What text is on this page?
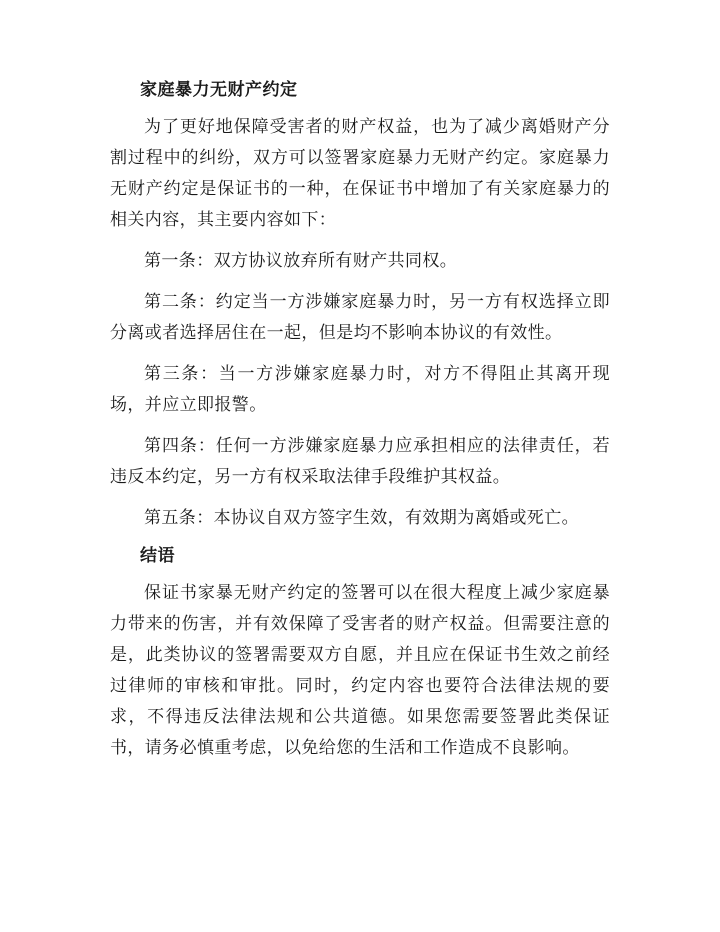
家庭暴力无财产约定

为了更好地保障受害者的财产权益，也为了减少离婚财产分割过程中的纠纷，双方可以签署家庭暴力无财产约定。家庭暴力无财产约定是保证书的一种，在保证书中增加了有关家庭暴力的相关内容，其主要内容如下：

第一条：双方协议放弃所有财产共同权。

第二条：约定当一方涉嫌家庭暴力时，另一方有权选择立即分离或者选择居住在一起，但是均不影响本协议的有效性。

第三条：当一方涉嫌家庭暴力时，对方不得阻止其离开现场，并应立即报警。

第四条：任何一方涉嫌家庭暴力应承担相应的法律责任，若违反本约定，另一方有权采取法律手段维护其权益。

第五条：本协议自双方签字生效，有效期为离婚或死亡。

结语

保证书家暴无财产约定的签署可以在很大程度上减少家庭暴力带来的伤害，并有效保障了受害者的财产权益。但需要注意的是，此类协议的签署需要双方自愿，并且应在保证书生效之前经过律师的审核和审批。同时，约定内容也要符合法律法规的要求，不得违反法律法规和公共道德。如果您需要签署此类保证书，请务必慎重考虑，以免给您的生活和工作造成不良影响。
